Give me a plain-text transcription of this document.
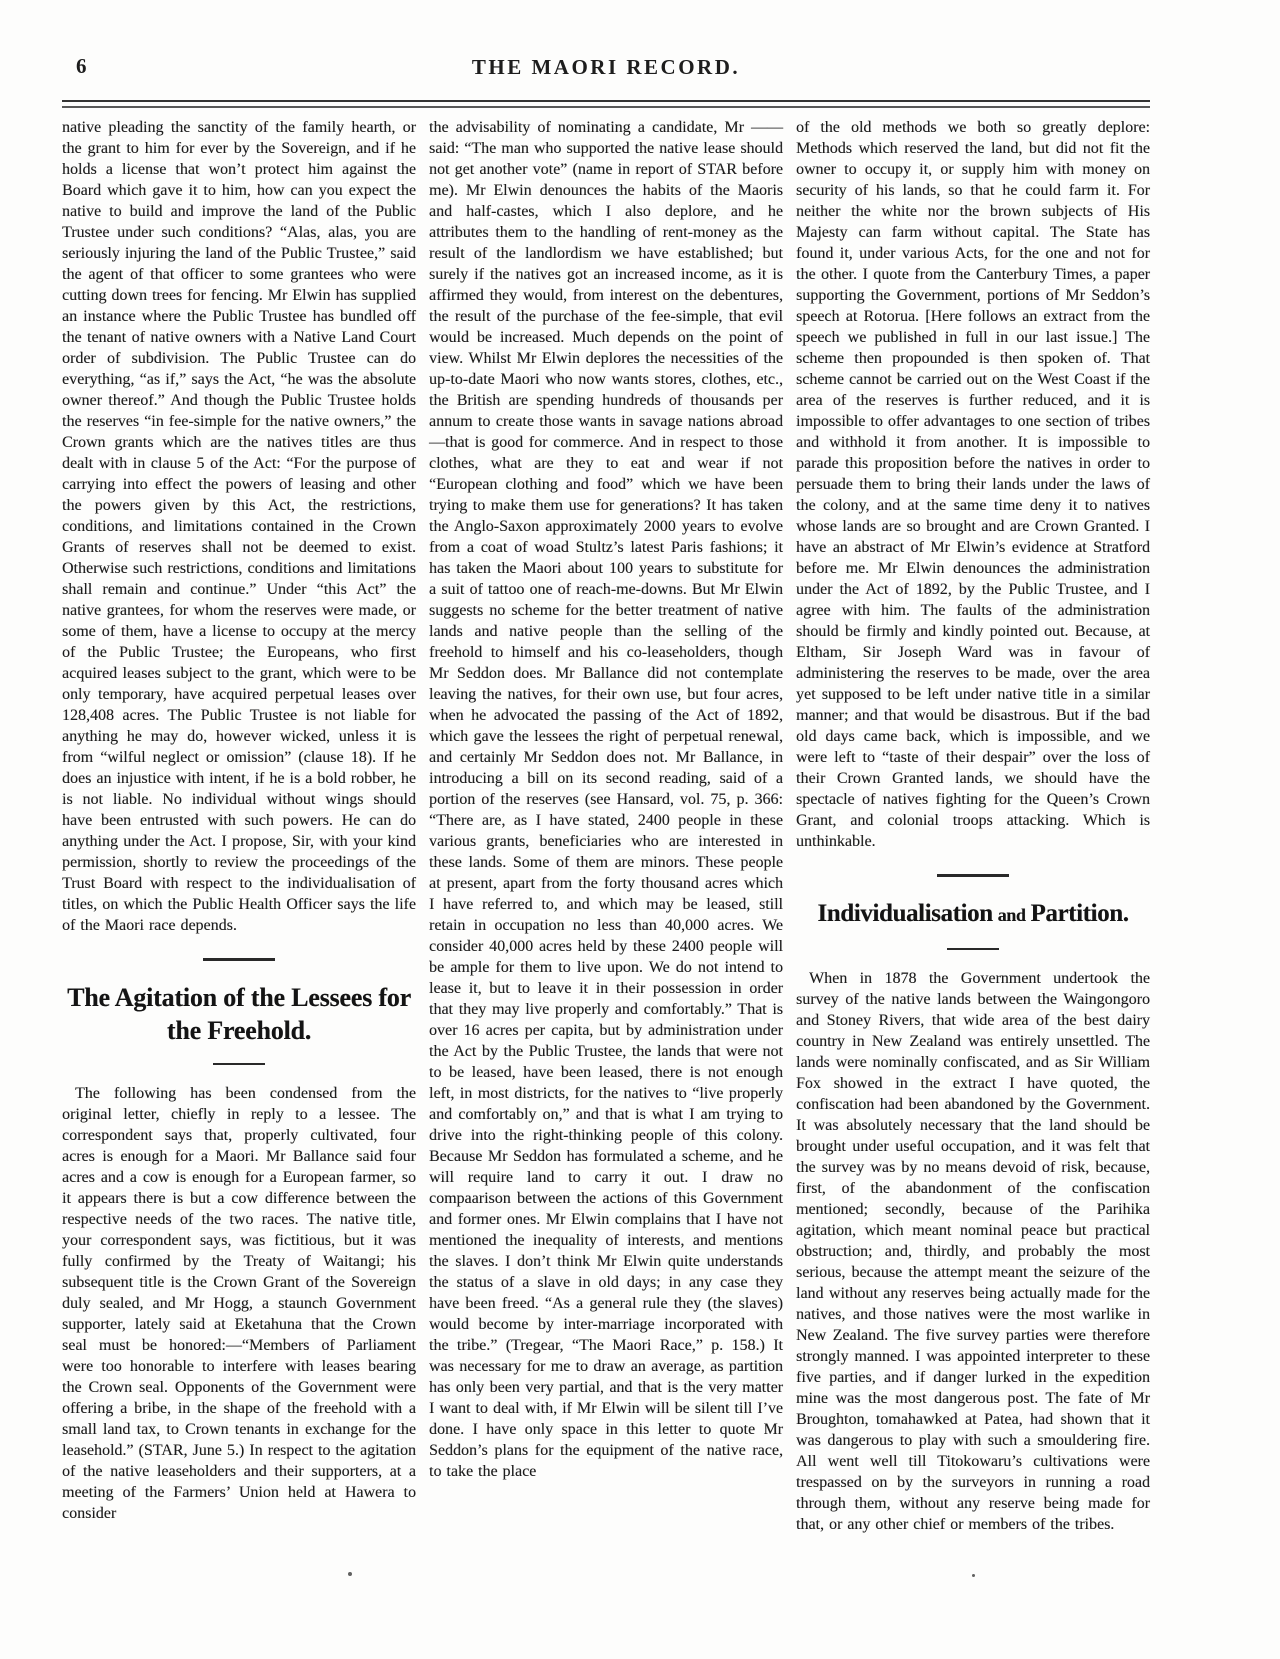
6	THE MAORI RECORD.

native pleading the sanctity of the family hearth, or the grant to him for ever by the Sovereign, and if he holds a license that won’t protect him against the Board which gave it to him, how can you expect the native to build and improve the land of the Public Trustee under such conditions? “Alas, alas, you are seriously injuring the land of the Public Trustee,” said the agent of that officer to some grantees who were cutting down trees for fencing. Mr Elwin has supplied an instance where the Public Trustee has bundled off the tenant of native owners with a Native Land Court order of subdivision. The Public Trustee can do everything, “as if,” says the Act, “he was the absolute owner thereof.” And though the Public Trustee holds the reserves “in fee-simple for the native owners,” the Crown grants which are the natives titles are thus dealt with in clause 5 of the Act: “For the purpose of carrying into effect the powers of leasing and other the powers given by this Act, the restrictions, conditions, and limitations contained in the Crown Grants of reserves shall not be deemed to exist. Otherwise such restrictions, conditions and limitations shall remain and continue.” Under “this Act” the native grantees, for whom the reserves were made, or some of them, have a license to occupy at the mercy of the Public Trustee; the Europeans, who first acquired leases subject to the grant, which were to be only temporary, have acquired perpetual leases over 128,408 acres. The Public Trustee is not liable for anything he may do, however wicked, unless it is from “wilful neglect or omission” (clause 18). If he does an injustice with intent, if he is a bold robber, he is not liable. No individual without wings should have been entrusted with such powers. He can do anything under the Act. I propose, Sir, with your kind permission, shortly to review the proceedings of the Trust Board with respect to the individualisation of titles, on which the Public Health Officer says the life of the Maori race depends.

The Agitation of the Lessees for the Freehold.

The following has been condensed from the original letter, chiefly in reply to a lessee. The correspondent says that, properly cultivated, four acres is enough for a Maori. Mr Ballance said four acres and a cow is enough for a European farmer, so it appears there is but a cow difference between the respective needs of the two races. The native title, your correspondent says, was fictitious, but it was fully confirmed by the Treaty of Waitangi; his subsequent title is the Crown Grant of the Sovereign duly sealed, and Mr Hogg, a staunch Government supporter, lately said at Eketahuna that the Crown seal must be honored:—“Members of Parliament were too honorable to interfere with leases bearing the Crown seal. Opponents of the Government were offering a bribe, in the shape of the freehold with a small land tax, to Crown tenants in exchange for the leasehold.” (STAR, June 5.) In respect to the agitation of the native leaseholders and their supporters, at a meeting of the Farmers’ Union held at Hawera to consider

the advisability of nominating a candidate, Mr —— said: “The man who supported the native lease should not get another vote” (name in report of STAR before me). Mr Elwin denounces the habits of the Maoris and half-castes, which I also deplore, and he attributes them to the handling of rent-money as the result of the landlordism we have established; but surely if the natives got an increased income, as it is affirmed they would, from interest on the debentures, the result of the purchase of the fee-simple, that evil would be increased. Much depends on the point of view. Whilst Mr Elwin deplores the necessities of the up-to-date Maori who now wants stores, clothes, etc., the British are spending hundreds of thousands per annum to create those wants in savage nations abroad—that is good for commerce. And in respect to those clothes, what are they to eat and wear if not “European clothing and food” which we have been trying to make them use for generations? It has taken the Anglo-Saxon approximately 2000 years to evolve from a coat of woad Stultz’s latest Paris fashions; it has taken the Maori about 100 years to substitute for a suit of tattoo one of reach-me-downs. But Mr Elwin suggests no scheme for the better treatment of native lands and native people than the selling of the freehold to himself and his co-leaseholders, though Mr Seddon does. Mr Ballance did not contemplate leaving the natives, for their own use, but four acres, when he advocated the passing of the Act of 1892, which gave the lessees the right of perpetual renewal, and certainly Mr Seddon does not. Mr Ballance, in introducing a bill on its second reading, said of a portion of the reserves (see Hansard, vol. 75, p. 366: “There are, as I have stated, 2400 people in these various grants, beneficiaries who are interested in these lands. Some of them are minors. These people at present, apart from the forty thousand acres which I have referred to, and which may be leased, still retain in occupation no less than 40,000 acres. We consider 40,000 acres held by these 2400 people will be ample for them to live upon. We do not intend to lease it, but to leave it in their possession in order that they may live properly and comfortably.” That is over 16 acres per capita, but by administration under the Act by the Public Trustee, the lands that were not to be leased, have been leased, there is not enough left, in most districts, for the natives to “live properly and comfortably on,” and that is what I am trying to drive into the right-thinking people of this colony. Because Mr Seddon has formulated a scheme, and he will require land to carry it out. I draw no compaarison between the actions of this Government and former ones. Mr Elwin complains that I have not mentioned the inequality of interests, and mentions the slaves. I don’t think Mr Elwin quite understands the status of a slave in old days; in any case they have been freed. “As a general rule they (the slaves) would become by inter-marriage incorporated with the tribe.” (Tregear, “The Maori Race,” p. 158.) It was necessary for me to draw an average, as partition has only been very partial, and that is the very matter I want to deal with, if Mr Elwin will be silent till I’ve done. I have only space in this letter to quote Mr Seddon’s plans for the equipment of the native race, to take the place

of the old methods we both so greatly deplore: Methods which reserved the land, but did not fit the owner to occupy it, or supply him with money on security of his lands, so that he could farm it. For neither the white nor the brown subjects of His Majesty can farm without capital. The State has found it, under various Acts, for the one and not for the other. I quote from the Canterbury Times, a paper supporting the Government, portions of Mr Seddon’s speech at Rotorua. [Here follows an extract from the speech we published in full in our last issue.] The scheme then propounded is then spoken of. That scheme cannot be carried out on the West Coast if the area of the reserves is further reduced, and it is impossible to offer advantages to one section of tribes and withhold it from another. It is impossible to parade this proposition before the natives in order to persuade them to bring their lands under the laws of the colony, and at the same time deny it to natives whose lands are so brought and are Crown Granted. I have an abstract of Mr Elwin’s evidence at Stratford before me. Mr Elwin denounces the administration under the Act of 1892, by the Public Trustee, and I agree with him. The faults of the administration should be firmly and kindly pointed out. Because, at Eltham, Sir Joseph Ward was in favour of administering the reserves to be made, over the area yet supposed to be left under native title in a similar manner; and that would be disastrous. But if the bad old days came back, which is impossible, and we were left to “taste of their despair” over the loss of their Crown Granted lands, we should have the spectacle of natives fighting for the Queen’s Crown Grant, and colonial troops attacking. Which is unthinkable.

Individualisation and Partition.

When in 1878 the Government undertook the survey of the native lands between the Waingongoro and Stoney Rivers, that wide area of the best dairy country in New Zealand was entirely unsettled. The lands were nominally confiscated, and as Sir William Fox showed in the extract I have quoted, the confiscation had been abandoned by the Government. It was absolutely necessary that the land should be brought under useful occupation, and it was felt that the survey was by no means devoid of risk, because, first, of the abandonment of the confiscation mentioned; secondly, because of the Parihika agitation, which meant nominal peace but practical obstruction; and, thirdly, and probably the most serious, because the attempt meant the seizure of the land without any reserves being actually made for the natives, and those natives were the most warlike in New Zealand. The five survey parties were therefore strongly manned. I was appointed interpreter to these five parties, and if danger lurked in the expedition mine was the most dangerous post. The fate of Mr Broughton, tomahawked at Patea, had shown that it was dangerous to play with such a smouldering fire. All went well till Titokowaru’s cultivations were trespassed on by the surveyors in running a road through them, without any reserve being made for that, or any other chief or members of the tribes.
